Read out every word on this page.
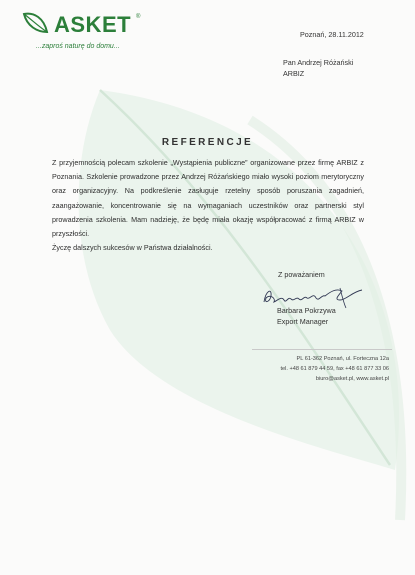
ASKET ®
...zaproś naturę do domu...
Poznań, 28.11.2012
Pan Andrzej Różański
ARBIZ
REFERENCJE

Z przyjemnością polecam szkolenie „Wystąpienia publiczne” organizowane przez firmę ARBIZ z Poznania. Szkolenie prowadzone przez Andrzej Różańskiego miało wysoki poziom merytoryczny oraz organizacyjny. Na podkreślenie zasługuje rzetelny sposób poruszania zagadnień, zaangażowanie, koncentrowanie się na wymaganiach uczestników oraz partnerski styl prowadzenia szkolenia. Mam nadzieję, że będę miała okazję współpracować z firmą ARBIZ w przyszłości.

Życzę dalszych sukcesów w Państwa działalności.

Z poważaniem
Barbara Pokrzywa
Export Manager
PL 61-362 Poznań, ul. Forteczna 12a
tel. +48 61 879 44 59, fax +48 61 877 33 06
biuro@asket.pl, www.asket.pl
